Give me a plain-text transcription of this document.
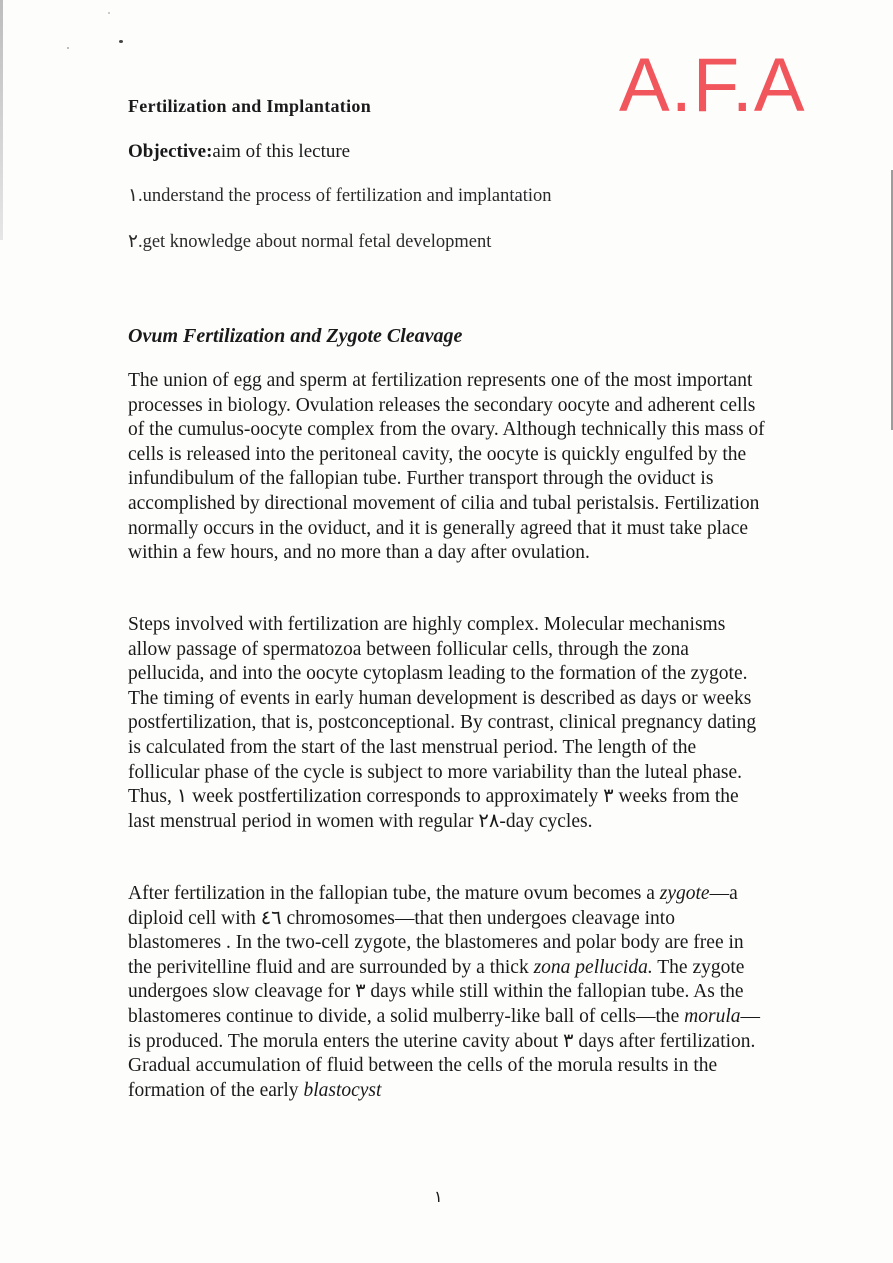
A.F.A
Fertilization and Implantation

Objective:aim of this lecture

١.understand the process of fertilization and implantation

٢.get knowledge about normal fetal development

Ovum Fertilization and Zygote Cleavage

The union of egg and sperm at fertilization represents one of the most important processes in biology. Ovulation releases the secondary oocyte and adherent cells of the cumulus-oocyte complex from the ovary. Although technically this mass of cells is released into the peritoneal cavity, the oocyte is quickly engulfed by the infundibulum of the fallopian tube. Further transport through the oviduct is accomplished by directional movement of cilia and tubal peristalsis. Fertilization normally occurs in the oviduct, and it is generally agreed that it must take place within a few hours, and no more than a day after ovulation.

Steps involved with fertilization are highly complex. Molecular mechanisms allow passage of spermatozoa between follicular cells, through the zona pellucida, and into the oocyte cytoplasm leading to the formation of the zygote. The timing of events in early human development is described as days or weeks postfertilization, that is, postconceptional. By contrast, clinical pregnancy dating is calculated from the start of the last menstrual period. The length of the follicular phase of the cycle is subject to more variability than the luteal phase. Thus, ١ week postfertilization corresponds to approximately ٣ weeks from the last menstrual period in women with regular ٢٨-day cycles.

After fertilization in the fallopian tube, the mature ovum becomes a zygote—a diploid cell with ٤٦ chromosomes—that then undergoes cleavage into blastomeres . In the two-cell zygote, the blastomeres and polar body are free in the perivitelline fluid and are surrounded by a thick zona pellucida. The zygote undergoes slow cleavage for ٣ days while still within the fallopian tube. As the blastomeres continue to divide, a solid mulberry-like ball of cells—the morula—is produced. The morula enters the uterine cavity about ٣ days after fertilization. Gradual accumulation of fluid between the cells of the morula results in the formation of the early blastocyst

١
